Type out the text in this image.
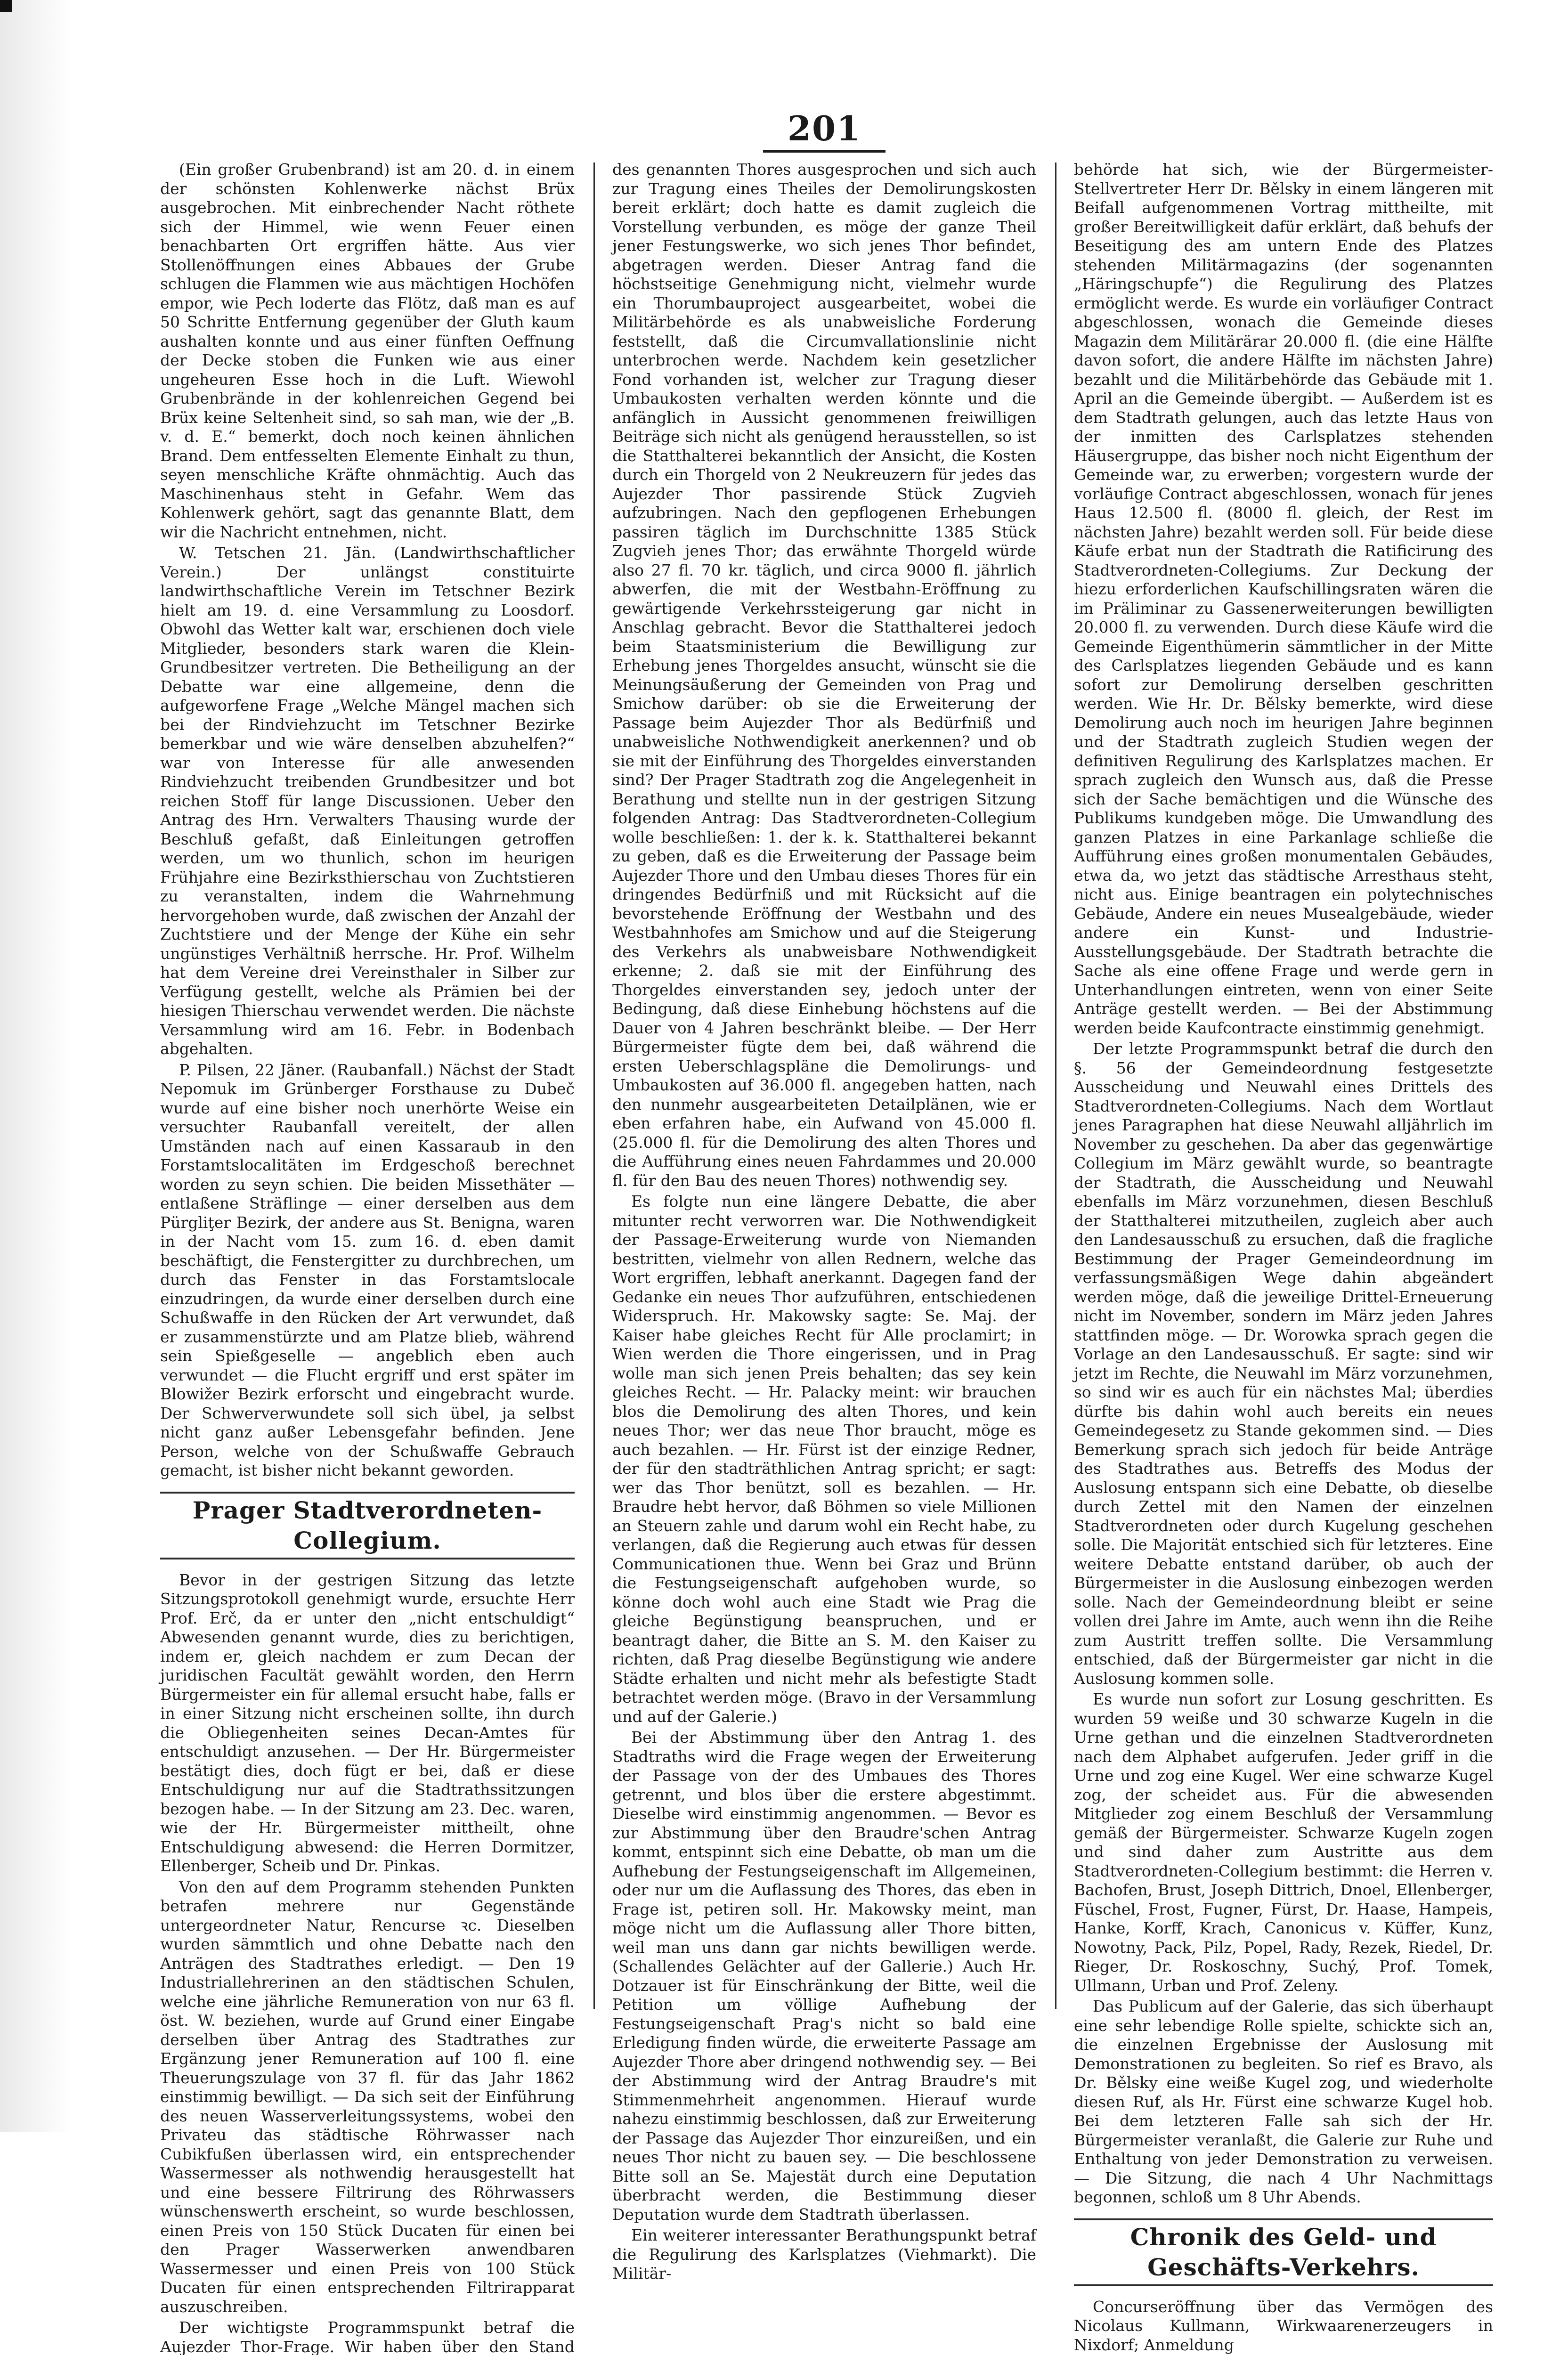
201

(Ein großer Grubenbrand) ist am 20. d. in einem der schönsten Kohlenwerke nächst Brüx ausgebrochen. Mit einbrechender Nacht röthete sich der Himmel, wie wenn Feuer einen benachbarten Ort ergriffen hätte. Aus vier Stollenöffnungen eines Abbaues der Grube schlugen die Flammen wie aus mächtigen Hochöfen empor, wie Pech loderte das Flötz, daß man es auf 50 Schritte Entfernung gegenüber der Gluth kaum aushalten konnte und aus einer fünften Oeffnung der Decke stoben die Funken wie aus einer ungeheuren Esse hoch in die Luft. Wiewohl Grubenbrände in der kohlenreichen Gegend bei Brüx keine Seltenheit sind, so sah man, wie der „B. v. d. E.“ bemerkt, doch noch keinen ähnlichen Brand. Dem entfesselten Elemente Einhalt zu thun, seyen menschliche Kräfte ohnmächtig. Auch das Maschinenhaus steht in Gefahr. Wem das Kohlenwerk gehört, sagt das genannte Blatt, dem wir die Nachricht entnehmen, nicht.

W. Tetschen 21. Jän. (Landwirthschaftlicher Verein.) Der unlängst constituirte landwirthschaftliche Verein im Tetschner Bezirk hielt am 19. d. eine Versammlung zu Loosdorf. Obwohl das Wetter kalt war, erschienen doch viele Mitglieder, besonders stark waren die Klein-Grundbesitzer vertreten. Die Betheiligung an der Debatte war eine allgemeine, denn die aufgeworfene Frage „Welche Mängel machen sich bei der Rindviehzucht im Tetschner Bezirke bemerkbar und wie wäre denselben abzuhelfen?“ war von Interesse für alle anwesenden Rindviehzucht treibenden Grundbesitzer und bot reichen Stoff für lange Discussionen. Ueber den Antrag des Hrn. Verwalters Thausing wurde der Beschluß gefaßt, daß Einleitungen getroffen werden, um wo thunlich, schon im heurigen Frühjahre eine Bezirksthierschau von Zuchtstieren zu veranstalten, indem die Wahrnehmung hervorgehoben wurde, daß zwischen der Anzahl der Zuchtstiere und der Menge der Kühe ein sehr ungünstiges Verhältniß herrsche. Hr. Prof. Wilhelm hat dem Vereine drei Vereinsthaler in Silber zur Verfügung gestellt, welche als Prämien bei der hiesigen Thierschau verwendet werden. Die nächste Versammlung wird am 16. Febr. in Bodenbach abgehalten.

P. Pilsen, 22 Jäner. (Raubanfall.) Nächst der Stadt Nepomuk im Grünberger Forsthause zu Dubeč wurde auf eine bisher noch unerhörte Weise ein versuchter Raubanfall vereitelt, der allen Umständen nach auf einen Kassaraub in den Forstamtslocalitäten im Erdgeschoß berechnet worden zu seyn schien. Die beiden Missethäter — entlaßene Sträflinge — einer derselben aus dem Pürgliţer Bezirk, der andere aus St. Benigna, waren in der Nacht vom 15. zum 16. d. eben damit beschäftigt, die Fenstergitter zu durchbrechen, um durch das Fenster in das Forstamtslocale einzudringen, da wurde einer derselben durch eine Schußwaffe in den Rücken der Art verwundet, daß er zusammenstürzte und am Platze blieb, während sein Spießgeselle — angeblich eben auch verwundet — die Flucht ergriff und erst später im Blowižer Bezirk erforscht und eingebracht wurde. Der Schwerverwundete soll sich übel, ja selbst nicht ganz außer Lebensgefahr befinden. Jene Person, welche von der Schußwaffe Gebrauch gemacht, ist bisher nicht bekannt geworden.

Prager Stadtverordneten-Collegium.

Bevor in der gestrigen Sitzung das letzte Sitzungsprotokoll genehmigt wurde, ersuchte Herr Prof. Erč, da er unter den „nicht entschuldigt“ Abwesenden genannt wurde, dies zu berichtigen, indem er, gleich nachdem er zum Decan der juridischen Facultät gewählt worden, den Herrn Bürgermeister ein für allemal ersucht habe, falls er in einer Sitzung nicht erscheinen sollte, ihn durch die Obliegenheiten seines Decan-Amtes für entschuldigt anzusehen. — Der Hr. Bürgermeister bestätigt dies, doch fügt er bei, daß er diese Entschuldigung nur auf die Stadtrathssitzungen bezogen habe. — In der Sitzung am 23. Dec. waren, wie der Hr. Bürgermeister mittheilt, ohne Entschuldigung abwesend: die Herren Dormitzer, Ellenberger, Scheib und Dr. Pinkas.

Von den auf dem Programm stehenden Punkten betrafen mehrere nur Gegenstände untergeordneter Natur, Rencurse ꝛc. Dieselben wurden sämmtlich und ohne Debatte nach den Anträgen des Stadtrathes erledigt. — Den 19 Industriallehrerinen an den städtischen Schulen, welche eine jährliche Remuneration von nur 63 fl. öst. W. beziehen, wurde auf Grund einer Eingabe derselben über Antrag des Stadtrathes zur Ergänzung jener Remuneration auf 100 fl. eine Theuerungszulage von 37 fl. für das Jahr 1862 einstimmig bewilligt. — Da sich seit der Einführung des neuen Wasserverleitungssystems, wobei den Privateu das städtische Röhrwasser nach Cubikfußen überlassen wird, ein entsprechender Wassermesser als nothwendig herausgestellt hat und eine bessere Filtrirung des Röhrwassers wünschenswerth erscheint, so wurde beschlossen, einen Preis von 150 Stück Ducaten für einen bei den Prager Wasserwerken anwendbaren Wassermesser und einen Preis von 100 Stück Ducaten für einen entsprechenden Filtrirapparat auszuschreiben.

Der wichtigste Programmspunkt betraf die Aujezder Thor-Frage. Wir haben über den Stand

des genannten Thores ausgesprochen und sich auch zur Tragung eines Theiles der Demolirungskosten bereit erklärt; doch hatte es damit zugleich die Vorstellung verbunden, es möge der ganze Theil jener Festungswerke, wo sich jenes Thor befindet, abgetragen werden. Dieser Antrag fand die höchstseitige Genehmigung nicht, vielmehr wurde ein Thorumbauproject ausgearbeitet, wobei die Militärbehörde es als unabweisliche Forderung feststellt, daß die Circumvallationslinie nicht unterbrochen werde. Nachdem kein gesetzlicher Fond vorhanden ist, welcher zur Tragung dieser Umbaukosten verhalten werden könnte und die anfänglich in Aussicht genommenen freiwilligen Beiträge sich nicht als genügend herausstellen, so ist die Statthalterei bekanntlich der Ansicht, die Kosten durch ein Thorgeld von 2 Neukreuzern für jedes das Aujezder Thor passirende Stück Zugvieh aufzubringen. Nach den gepflogenen Erhebungen passiren täglich im Durchschnitte 1385 Stück Zugvieh jenes Thor; das erwähnte Thorgeld würde also 27 fl. 70 kr. täglich, und circa 9000 fl. jährlich abwerfen, die mit der Westbahn-Eröffnung zu gewärtigende Verkehrssteigerung gar nicht in Anschlag gebracht. Bevor die Statthalterei jedoch beim Staatsministerium die Bewilligung zur Erhebung jenes Thorgeldes ansucht, wünscht sie die Meinungsäußerung der Gemeinden von Prag und Smichow darüber: ob sie die Erweiterung der Passage beim Aujezder Thor als Bedürfniß und unabweisliche Nothwendigkeit anerkennen? und ob sie mit der Einführung des Thorgeldes einverstanden sind? Der Prager Stadtrath zog die Angelegenheit in Berathung und stellte nun in der gestrigen Sitzung folgenden Antrag: Das Stadtverordneten-Collegium wolle beschließen: 1. der k. k. Statthalterei bekannt zu geben, daß es die Erweiterung der Passage beim Aujezder Thore und den Umbau dieses Thores für ein dringendes Bedürfniß und mit Rücksicht auf die bevorstehende Eröffnung der Westbahn und des Westbahnhofes am Smichow und auf die Steigerung des Verkehrs als unabweisbare Nothwendigkeit erkenne; 2. daß sie mit der Einführung des Thorgeldes einverstanden sey, jedoch unter der Bedingung, daß diese Einhebung höchstens auf die Dauer von 4 Jahren beschränkt bleibe. — Der Herr Bürgermeister fügte dem bei, daß während die ersten Ueberschlagspläne die Demolirungs- und Umbaukosten auf 36.000 fl. angegeben hatten, nach den nunmehr ausgearbeiteten Detailplänen, wie er eben erfahren habe, ein Aufwand von 45.000 fl. (25.000 fl. für die Demolirung des alten Thores und die Aufführung eines neuen Fahrdammes und 20.000 fl. für den Bau des neuen Thores) nothwendig sey.

Es folgte nun eine längere Debatte, die aber mitunter recht verworren war. Die Nothwendigkeit der Passage-Erweiterung wurde von Niemanden bestritten, vielmehr von allen Rednern, welche das Wort ergriffen, lebhaft anerkannt. Dagegen fand der Gedanke ein neues Thor aufzuführen, entschiedenen Widerspruch. Hr. Makowsky sagte: Se. Maj. der Kaiser habe gleiches Recht für Alle proclamirt; in Wien werden die Thore eingerissen, und in Prag wolle man sich jenen Preis behalten; das sey kein gleiches Recht. — Hr. Palacky meint: wir brauchen blos die Demolirung des alten Thores, und kein neues Thor; wer das neue Thor braucht, möge es auch bezahlen. — Hr. Fürst ist der einzige Redner, der für den stadträthlichen Antrag spricht; er sagt: wer das Thor benützt, soll es bezahlen. — Hr. Braudre hebt hervor, daß Böhmen so viele Millionen an Steuern zahle und darum wohl ein Recht habe, zu verlangen, daß die Regierung auch etwas für dessen Communicationen thue. Wenn bei Graz und Brünn die Festungseigenschaft aufgehoben wurde, so könne doch wohl auch eine Stadt wie Prag die gleiche Begünstigung beanspruchen, und er beantragt daher, die Bitte an S. M. den Kaiser zu richten, daß Prag dieselbe Begünstigung wie andere Städte erhalten und nicht mehr als befestigte Stadt betrachtet werden möge. (Bravo in der Versammlung und auf der Galerie.)

Bei der Abstimmung über den Antrag 1. des Stadtraths wird die Frage wegen der Erweiterung der Passage von der des Umbaues des Thores getrennt, und blos über die erstere abgestimmt. Dieselbe wird einstimmig angenommen. — Bevor es zur Abstimmung über den Braudre'schen Antrag kommt, entspinnt sich eine Debatte, ob man um die Aufhebung der Festungseigenschaft im Allgemeinen, oder nur um die Auflassung des Thores, das eben in Frage ist, petiren soll. Hr. Makowsky meint, man möge nicht um die Auflassung aller Thore bitten, weil man uns dann gar nichts bewilligen werde. (Schallendes Gelächter auf der Gallerie.) Auch Hr. Dotzauer ist für Einschränkung der Bitte, weil die Petition um völlige Aufhebung der Festungseigenschaft Prag's nicht so bald eine Erledigung finden würde, die erweiterte Passage am Aujezder Thore aber dringend nothwendig sey. — Bei der Abstimmung wird der Antrag Braudre's mit Stimmenmehrheit angenommen. Hierauf wurde nahezu einstimmig beschlossen, daß zur Erweiterung der Passage das Aujezder Thor einzureißen, und ein neues Thor nicht zu bauen sey. — Die beschlossene Bitte soll an Se. Majestät durch eine Deputation überbracht werden, die Bestimmung dieser Deputation wurde dem Stadtrath überlassen.

Ein weiterer interessanter Berathungspunkt betraf die Regulirung des Karlsplatzes (Viehmarkt). Die Militär-

behörde hat sich, wie der Bürgermeister-Stellvertreter Herr Dr. Bělsky in einem längeren mit Beifall aufgenommenen Vortrag mittheilte, mit großer Bereitwilligkeit dafür erklärt, daß behufs der Beseitigung des am untern Ende des Platzes stehenden Militärmagazins (der sogenannten „Häringschupfe“) die Regulirung des Platzes ermöglicht werde. Es wurde ein vorläufiger Contract abgeschlossen, wonach die Gemeinde dieses Magazin dem Militärärar 20.000 fl. (die eine Hälfte davon sofort, die andere Hälfte im nächsten Jahre) bezahlt und die Militärbehörde das Gebäude mit 1. April an die Gemeinde übergibt. — Außerdem ist es dem Stadtrath gelungen, auch das letzte Haus von der inmitten des Carlsplatzes stehenden Häusergruppe, das bisher noch nicht Eigenthum der Gemeinde war, zu erwerben; vorgestern wurde der vorläufige Contract abgeschlossen, wonach für jenes Haus 12.500 fl. (8000 fl. gleich, der Rest im nächsten Jahre) bezahlt werden soll. Für beide diese Käufe erbat nun der Stadtrath die Ratificirung des Stadtverordneten-Collegiums. Zur Deckung der hiezu erforderlichen Kaufschillingsraten wären die im Präliminar zu Gassenerweiterungen bewilligten 20.000 fl. zu verwenden. Durch diese Käufe wird die Gemeinde Eigenthümerin sämmtlicher in der Mitte des Carlsplatzes liegenden Gebäude und es kann sofort zur Demolirung derselben geschritten werden. Wie Hr. Dr. Bělsky bemerkte, wird diese Demolirung auch noch im heurigen Jahre beginnen und der Stadtrath zugleich Studien wegen der definitiven Regulirung des Karlsplatzes machen. Er sprach zugleich den Wunsch aus, daß die Presse sich der Sache bemächtigen und die Wünsche des Publikums kundgeben möge. Die Umwandlung des ganzen Platzes in eine Parkanlage schließe die Aufführung eines großen monumentalen Gebäudes, etwa da, wo jetzt das städtische Arresthaus steht, nicht aus. Einige beantragen ein polytechnisches Gebäude, Andere ein neues Musealgebäude, wieder andere ein Kunst- und Industrie-Ausstellungsgebäude. Der Stadtrath betrachte die Sache als eine offene Frage und werde gern in Unterhandlungen eintreten, wenn von einer Seite Anträge gestellt werden. — Bei der Abstimmung werden beide Kaufcontracte einstimmig genehmigt.

Der letzte Programmspunkt betraf die durch den §. 56 der Gemeindeordnung festgesetzte Ausscheidung und Neuwahl eines Drittels des Stadtverordneten-Collegiums. Nach dem Wortlaut jenes Paragraphen hat diese Neuwahl alljährlich im November zu geschehen. Da aber das gegenwärtige Collegium im März gewählt wurde, so beantragte der Stadtrath, die Ausscheidung und Neuwahl ebenfalls im März vorzunehmen, diesen Beschluß der Statthalterei mitzutheilen, zugleich aber auch den Landesausschuß zu ersuchen, daß die fragliche Bestimmung der Prager Gemeindeordnung im verfassungsmäßigen Wege dahin abgeändert werden möge, daß die jeweilige Drittel-Erneuerung nicht im November, sondern im März jeden Jahres stattfinden möge. — Dr. Worowka sprach gegen die Vorlage an den Landesausschuß. Er sagte: sind wir jetzt im Rechte, die Neuwahl im März vorzunehmen, so sind wir es auch für ein nächstes Mal; überdies dürfte bis dahin wohl auch bereits ein neues Gemeindegesetz zu Stande gekommen sind. — Dies Bemerkung sprach sich jedoch für beide Anträge des Stadtrathes aus. Betreffs des Modus der Auslosung entspann sich eine Debatte, ob dieselbe durch Zettel mit den Namen der einzelnen Stadtverordneten oder durch Kugelung geschehen solle. Die Majorität entschied sich für letzteres. Eine weitere Debatte entstand darüber, ob auch der Bürgermeister in die Auslosung einbezogen werden solle. Nach der Gemeindeordnung bleibt er seine vollen drei Jahre im Amte, auch wenn ihn die Reihe zum Austritt treffen sollte. Die Versammlung entschied, daß der Bürgermeister gar nicht in die Auslosung kommen solle.

Es wurde nun sofort zur Losung geschritten. Es wurden 59 weiße und 30 schwarze Kugeln in die Urne gethan und die einzelnen Stadtverordneten nach dem Alphabet aufgerufen. Jeder griff in die Urne und zog eine Kugel. Wer eine schwarze Kugel zog, der scheidet aus. Für die abwesenden Mitglieder zog einem Beschluß der Versammlung gemäß der Bürgermeister. Schwarze Kugeln zogen und sind daher zum Austritte aus dem Stadtverordneten-Collegium bestimmt: die Herren v. Bachofen, Brust, Joseph Dittrich, Dnoel, Ellenberger, Füschel, Frost, Fugner, Fürst, Dr. Haase, Hampeis, Hanke, Korff, Krach, Canonicus v. Küffer, Kunz, Nowotny, Pack, Pilz, Popel, Rady, Rezek, Riedel, Dr. Rieger, Dr. Roskoschny, Suchý, Prof. Tomek, Ullmann, Urban und Prof. Zeleny.

Das Publicum auf der Galerie, das sich überhaupt eine sehr lebendige Rolle spielte, schickte sich an, die einzelnen Ergebnisse der Auslosung mit Demonstrationen zu begleiten. So rief es Bravo, als Dr. Bělsky eine weiße Kugel zog, und wiederholte diesen Ruf, als Hr. Fürst eine schwarze Kugel hob. Bei dem letzteren Falle sah sich der Hr. Bürgermeister veranlaßt, die Galerie zur Ruhe und Enthaltung von jeder Demonstration zu verweisen. — Die Sitzung, die nach 4 Uhr Nachmittags begonnen, schloß um 8 Uhr Abends.

Chronik des Geld- und Geschäfts-Verkehrs.

Concurseröffnung über das Vermögen des Nicolaus Kullmann, Wirkwaarenerzeugers in Nixdorf; Anmeldung
